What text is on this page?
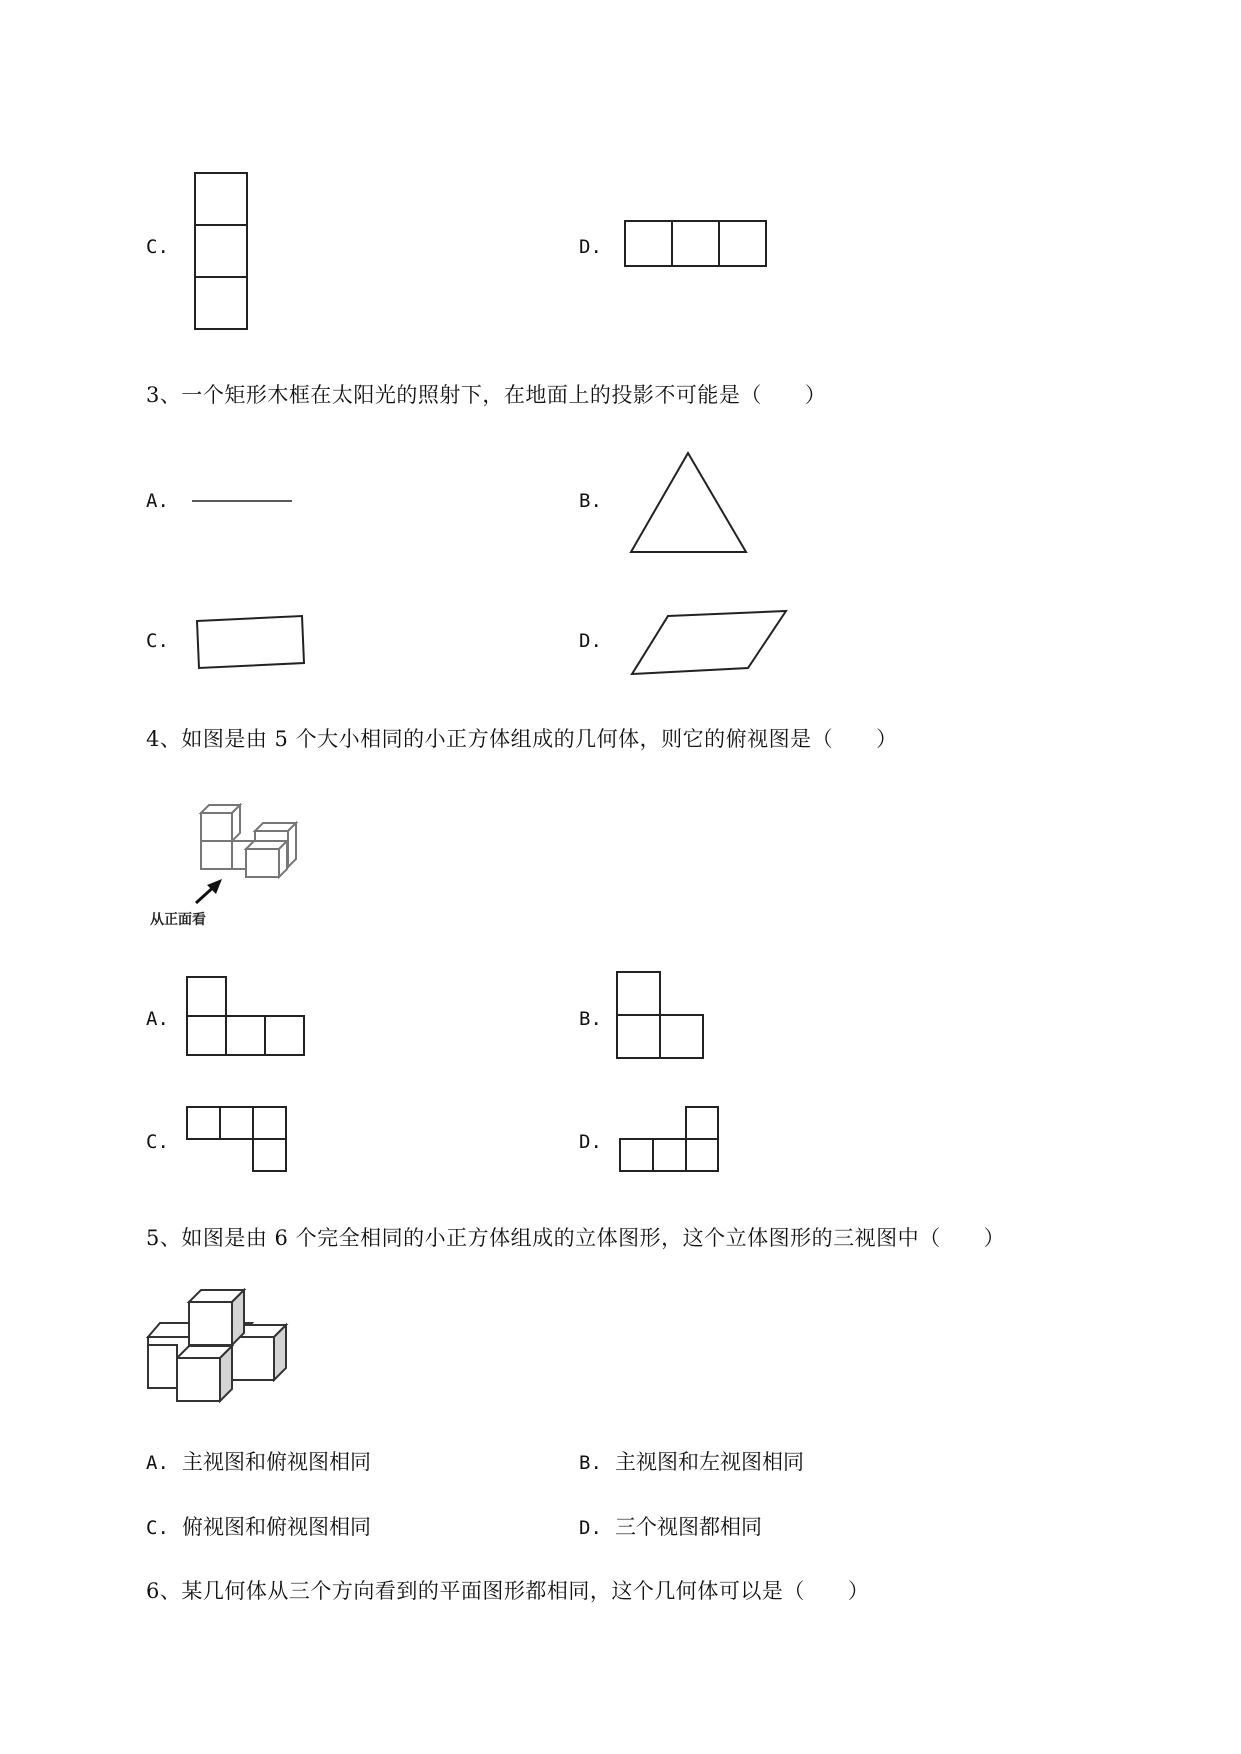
C.	D.
3、一个矩形木框在太阳光的照射下，在地面上的投影不可能是（　　）
A.	B.
C.	D.
4、如图是由 5 个大小相同的小正方体组成的几何体，则它的俯视图是（　　）
从正面看
A.	B.
C.	D.
5、如图是由 6 个完全相同的小正方体组成的立体图形，这个立体图形的三视图中（　　）
A. 主视图和俯视图相同	B. 主视图和左视图相同
C. 俯视图和俯视图相同	D. 三个视图都相同
6、某几何体从三个方向看到的平面图形都相同，这个几何体可以是（　　）
